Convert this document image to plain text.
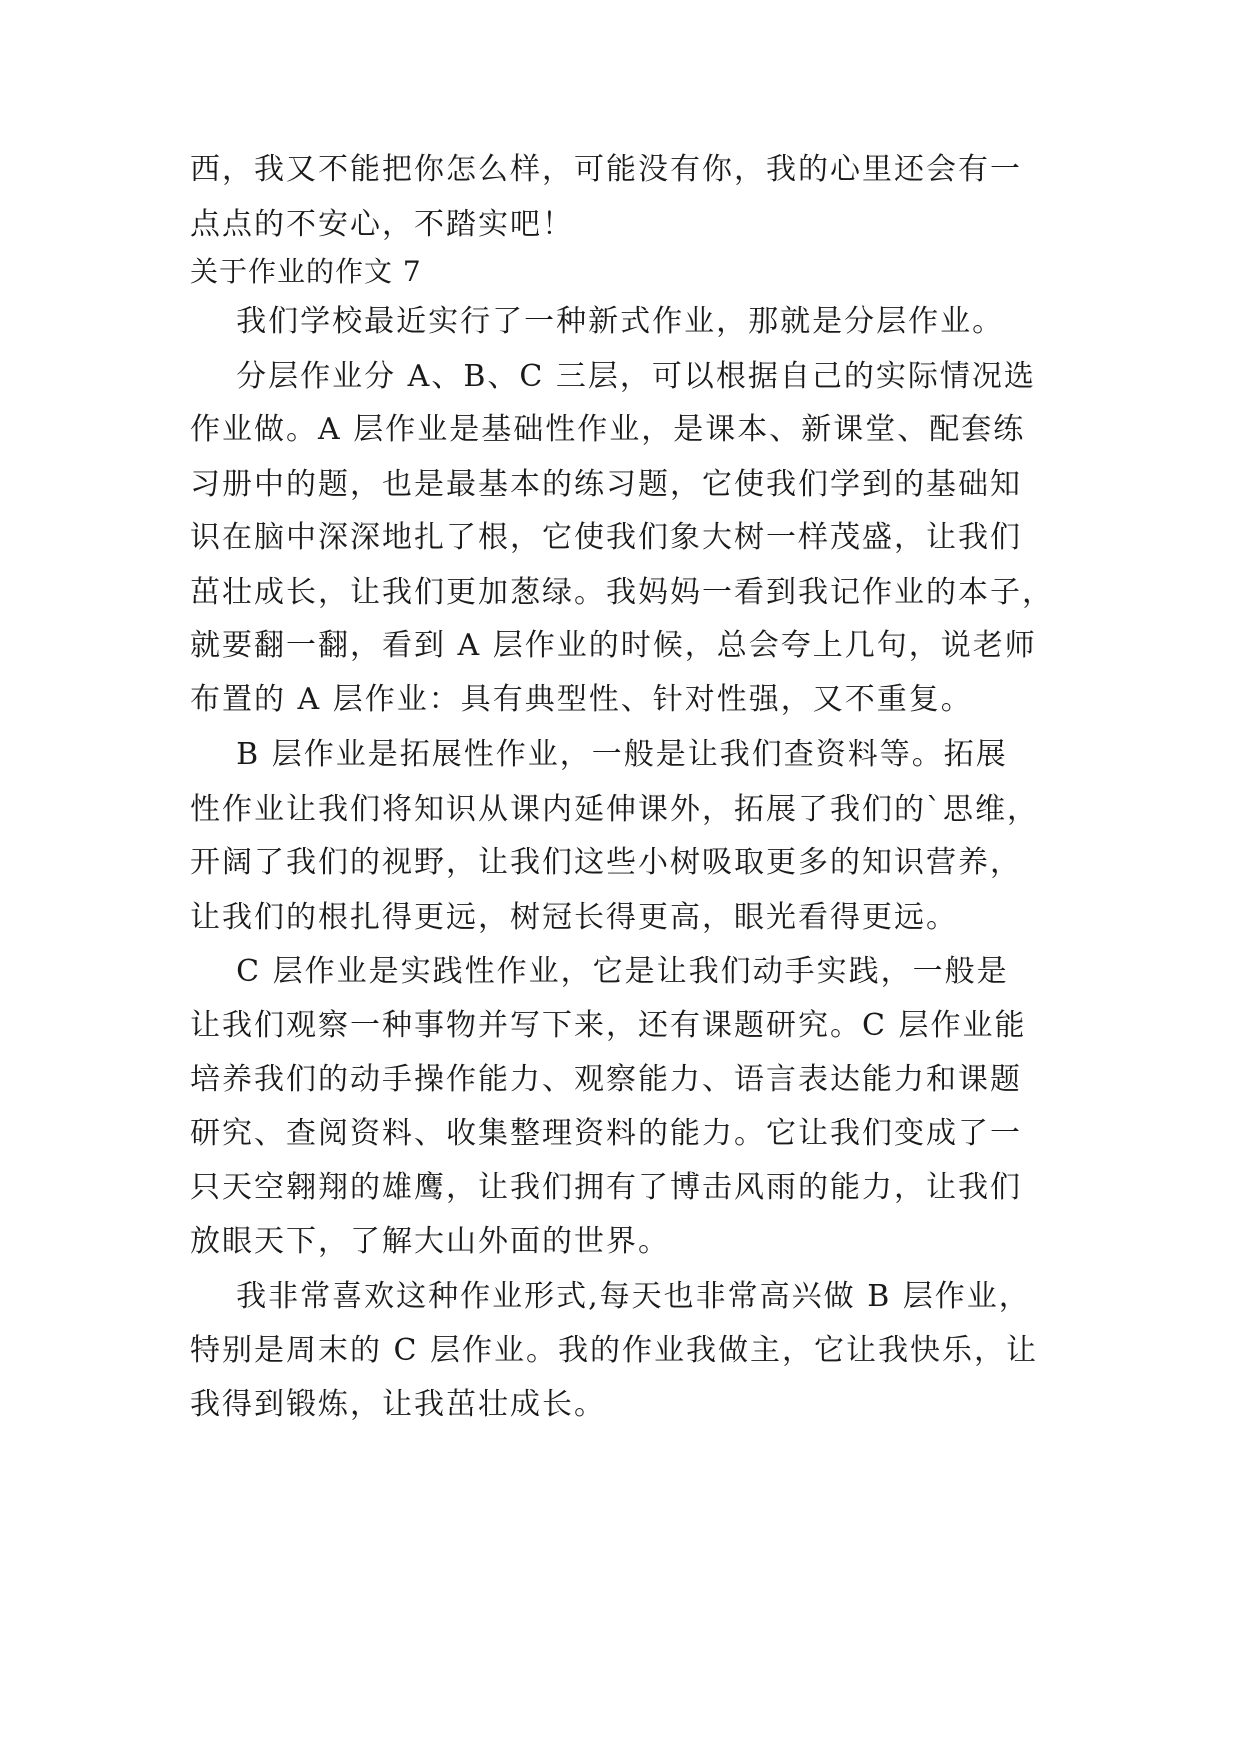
西，我又不能把你怎么样，可能没有你，我的心里还会有一
点点的不安心，不踏实吧！
关于作业的作文 7
我们学校最近实行了一种新式作业，那就是分层作业。
分层作业分 A、B、C 三层，可以根据自己的实际情况选
作业做。A 层作业是基础性作业，是课本、新课堂、配套练
习册中的题，也是最基本的练习题，它使我们学到的基础知
识在脑中深深地扎了根，它使我们象大树一样茂盛，让我们
茁壮成长，让我们更加葱绿。我妈妈一看到我记作业的本子，
就要翻一翻，看到 A 层作业的时候，总会夸上几句，说老师
布置的 A 层作业：具有典型性、针对性强，又不重复。
B 层作业是拓展性作业，一般是让我们查资料等。拓展
性作业让我们将知识从课内延伸课外，拓展了我们的`思维，
开阔了我们的视野，让我们这些小树吸取更多的知识营养，
让我们的根扎得更远，树冠长得更高，眼光看得更远。
C 层作业是实践性作业，它是让我们动手实践，一般是
让我们观察一种事物并写下来，还有课题研究。C 层作业能
培养我们的动手操作能力、观察能力、语言表达能力和课题
研究、查阅资料、收集整理资料的能力。它让我们变成了一
只天空翱翔的雄鹰，让我们拥有了博击风雨的能力，让我们
放眼天下，了解大山外面的世界。
我非常喜欢这种作业形式,每天也非常高兴做 B 层作业，
特别是周末的 C 层作业。我的作业我做主，它让我快乐，让
我得到锻炼，让我茁壮成长。
